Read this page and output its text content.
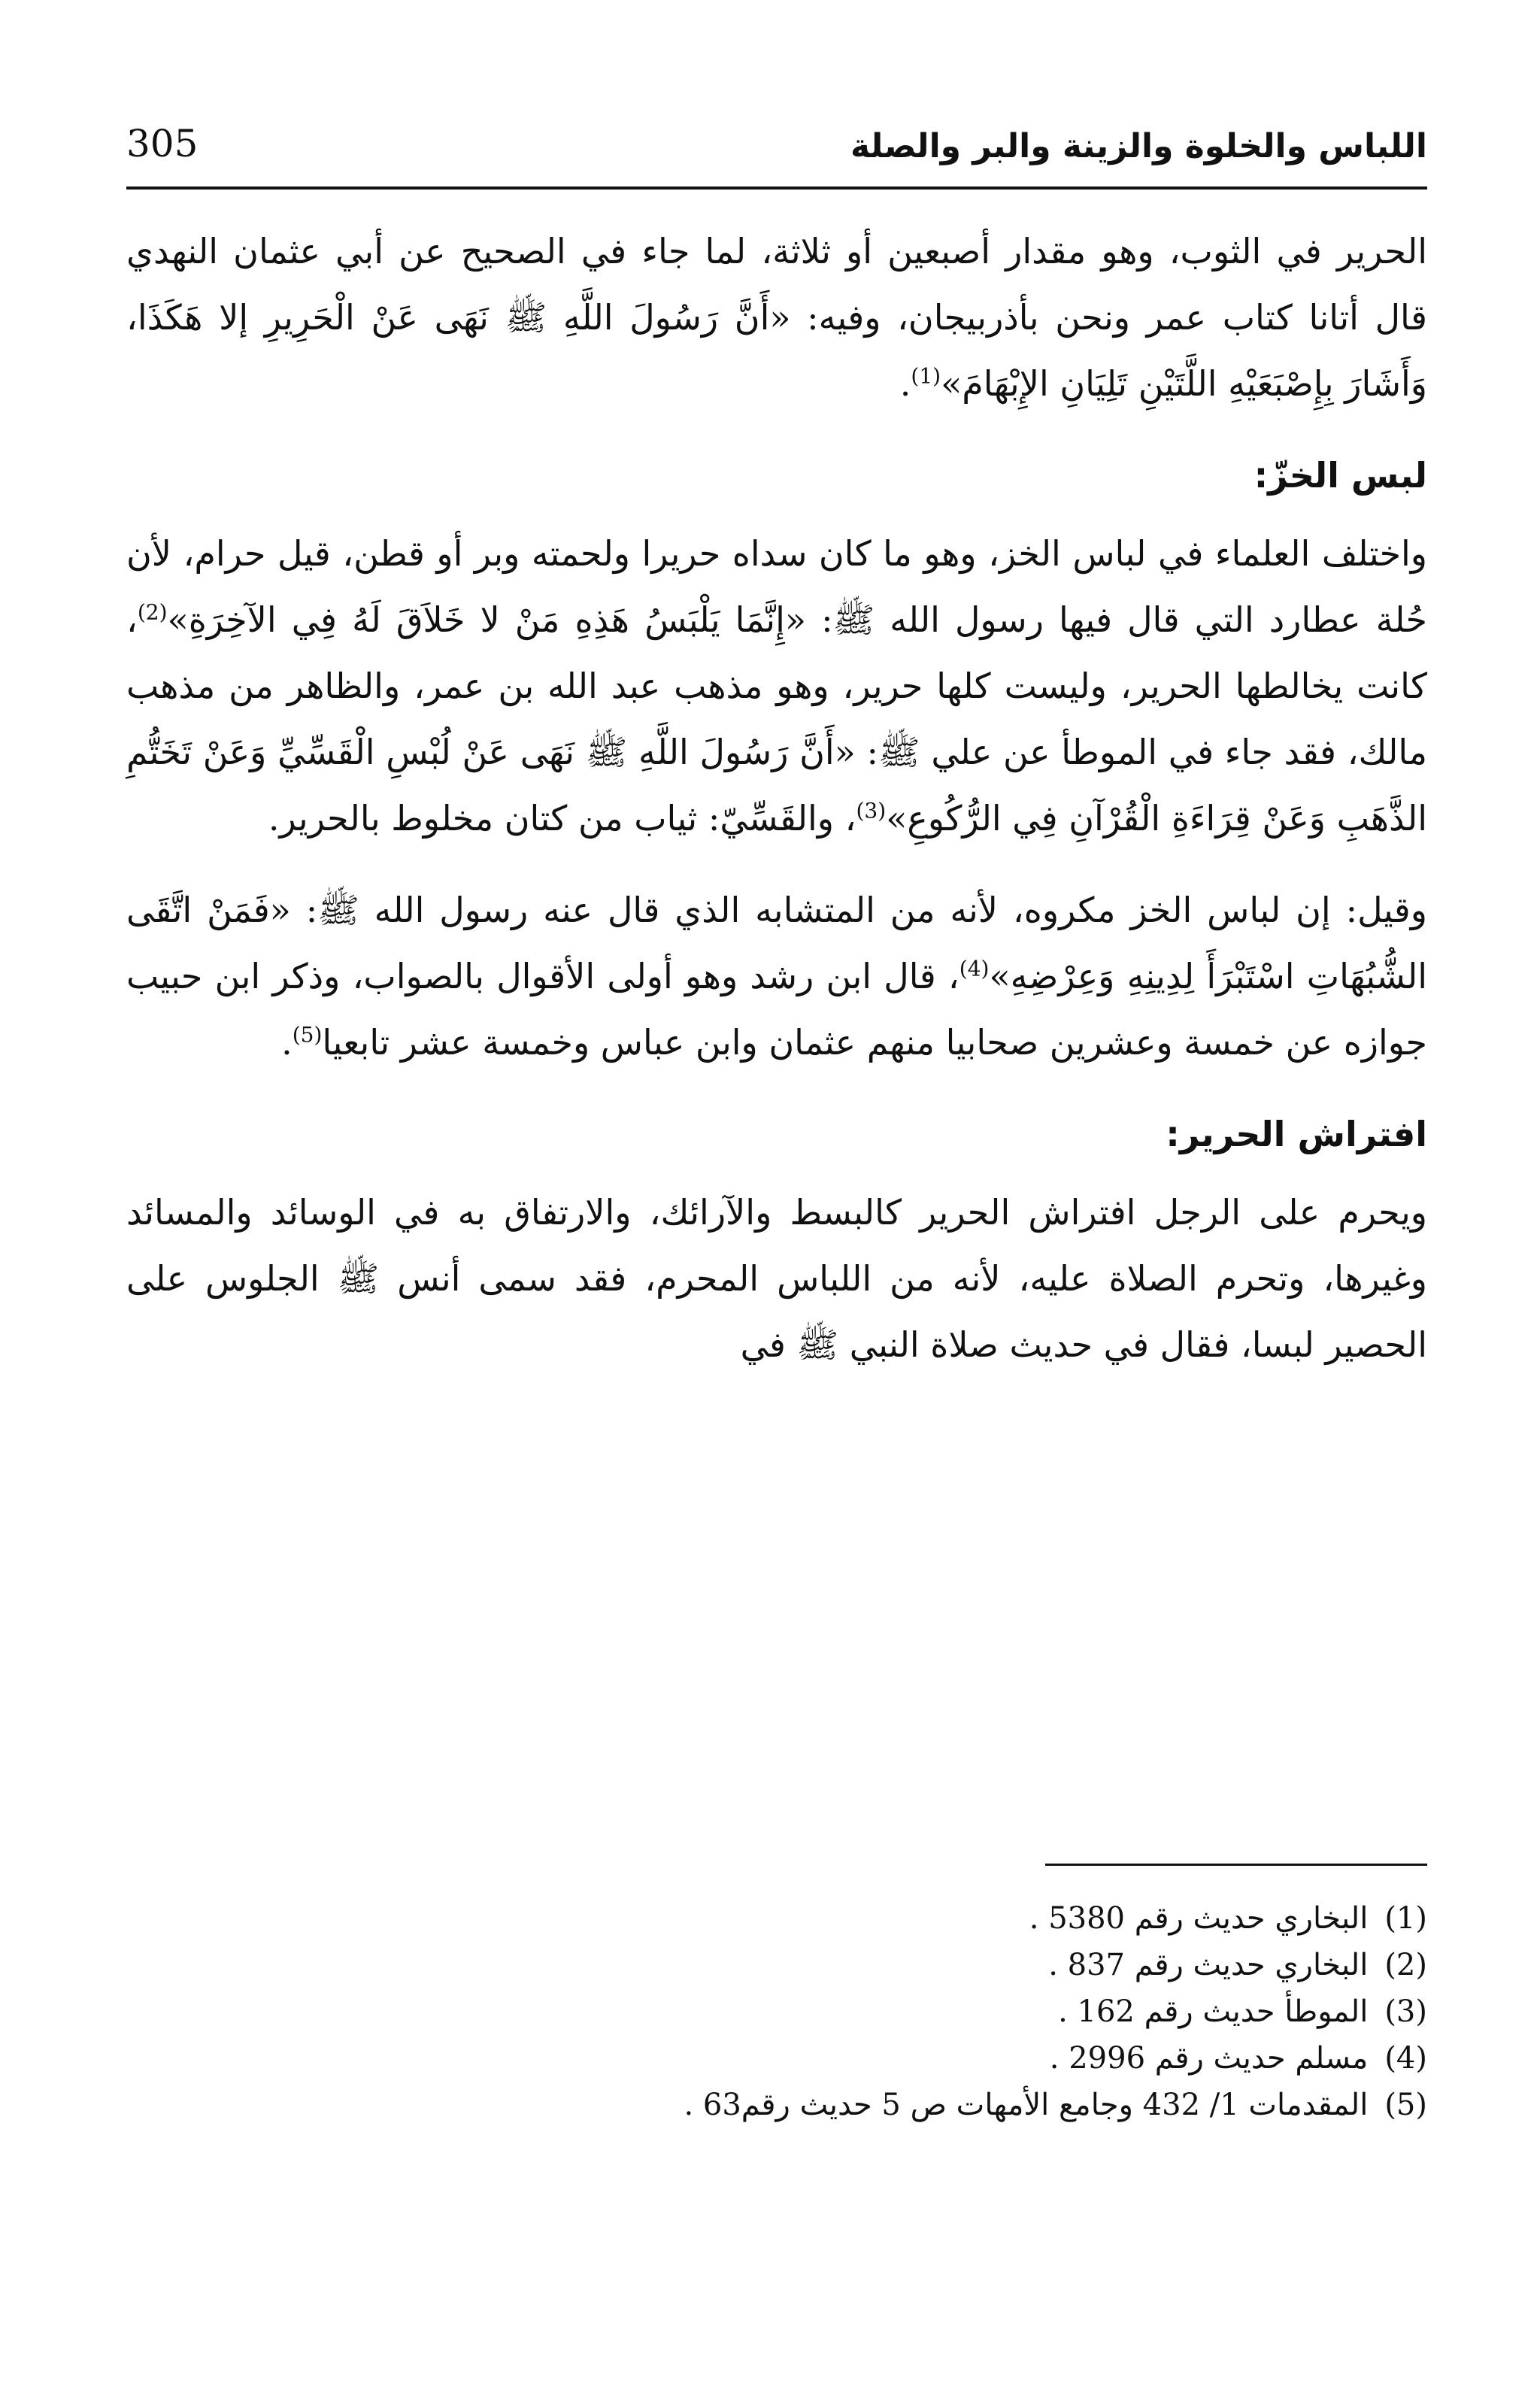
305	اللباس والخلوة والزينة والبر والصلة

الحرير في الثوب، وهو مقدار أصبعين أو ثلاثة، لما جاء في الصحيح عن أبي عثمان النهدي قال أتانا كتاب عمر ونحن بأذربيجان، وفيه: «أَنَّ رَسُولَ اللَّهِ ﷺ نَهَى عَنْ الْحَرِيرِ إلا هَكَذَا، وَأَشَارَ بِإِصْبَعَيْهِ اللَّتَيْنِ تَلِيَانِ الإِبْهَامَ»$^{(1)}$.

لبس الخزّ:

واختلف العلماء في لباس الخز، وهو ما كان سداه حريرا ولحمته وبر أو قطن، قيل حرام، لأن حُلة عطارد التي قال فيها رسول الله ﷺ: «إِنَّمَا يَلْبَسُ هَذِهِ مَنْ لا خَلاَقَ لَهُ فِي الآخِرَةِ»$^{(2)}$، كانت يخالطها الحرير، وليست كلها حرير، وهو مذهب عبد الله بن عمر، والظاهر من مذهب مالك، فقد جاء في الموطأ عن علي ﷺ: «أَنَّ رَسُولَ اللَّهِ ﷺ نَهَى عَنْ لُبْسِ الْقَسِّيِّ وَعَنْ تَخَتُّمِ الذَّهَبِ وَعَنْ قِرَاءَةِ الْقُرْآنِ فِي الرُّكُوعِ»$^{(3)}$، والقَسِّيّ: ثياب من كتان مخلوط بالحرير.

وقيل: إن لباس الخز مكروه، لأنه من المتشابه الذي قال عنه رسول الله ﷺ: «فَمَنْ اتَّقَى الشُّبُهَاتِ اسْتَبْرَأَ لِدِينِهِ وَعِرْضِهِ»$^{(4)}$، قال ابن رشد وهو أولى الأقوال بالصواب، وذكر ابن حبيب جوازه عن خمسة وعشرين صحابيا منهم عثمان وابن عباس وخمسة عشر تابعيا$^{(5)}$.

افتراش الحرير:

ويحرم على الرجل افتراش الحرير كالبسط والآرائك، والارتفاق به في الوسائد والمسائد وغيرها، وتحرم الصلاة عليه، لأنه من اللباس المحرم، فقد سمى أنس ﷺ الجلوس على الحصير لبسا، فقال في حديث صلاة النبي ﷺ في

(1)
البخاري حديث رقم 5380 .
(2)
البخاري حديث رقم 837 .
(3)
الموطأ حديث رقم 162 .
(4)
مسلم حديث رقم 2996 .
(5)
المقدمات 1/ 432 وجامع الأمهات ص 5 حديث رقم63 .
